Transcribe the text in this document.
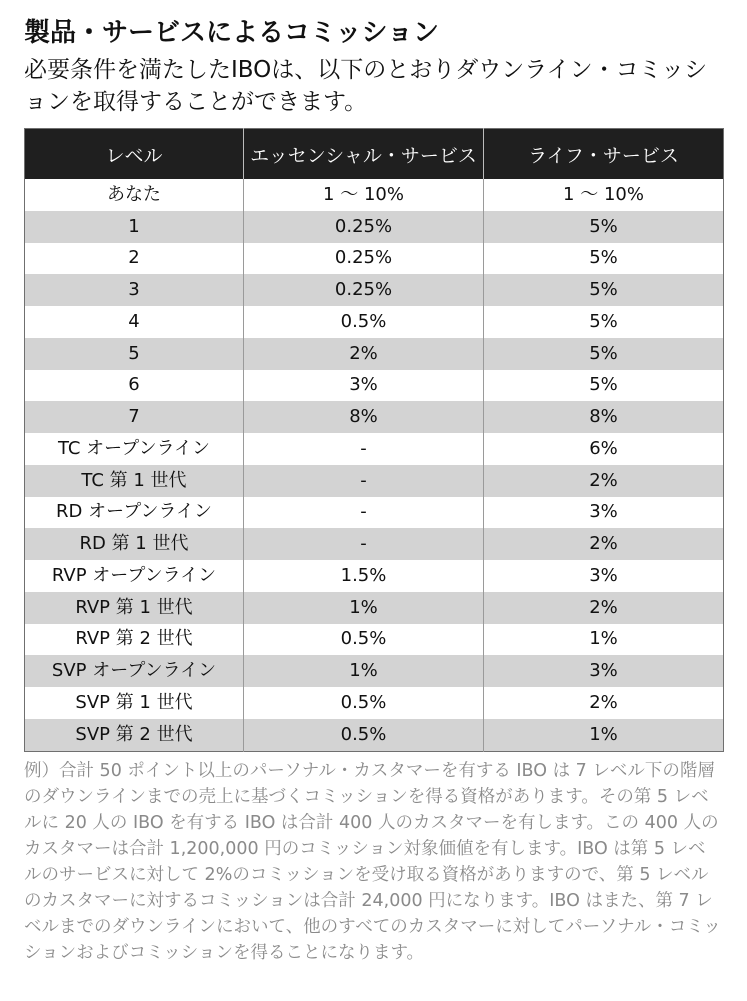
製品・サービスによるコミッション

必要条件を満たしたIBOは、以下のとおりダウンライン・コミッションを取得することができます。

レベル	エッセンシャル・サービス	ライフ・サービス
あなた	1 〜 10%	1 〜 10%
1	0.25%	5%
2	0.25%	5%
3	0.25%	5%
4	0.5%	5%
5	2%	5%
6	3%	5%
7	8%	8%
TC オープンライン	-	6%
TC 第 1 世代	-	2%
RD オープンライン	-	3%
RD 第 1 世代	-	2%
RVP オープンライン	1.5%	3%
RVP 第 1 世代	1%	2%
RVP 第 2 世代	0.5%	1%
SVP オープンライン	1%	3%
SVP 第 1 世代	0.5%	2%
SVP 第 2 世代	0.5%	1%

例）合計 50 ポイント以上のパーソナル・カスタマーを有する IBO は 7 レベル下の階層のダウンラインまでの売上に基づくコミッションを得る資格があります。その第 5 レベルに 20 人の IBO を有する IBO は合計 400 人のカスタマーを有します。この 400 人のカスタマーは合計 1,200,000 円のコミッション対象価値を有します。IBO は第 5 レベルのサービスに対して 2%のコミッションを受け取る資格がありますので、第 5 レベルのカスタマーに対するコミッションは合計 24,000 円になります。IBO はまた、第 7 レベルまでのダウンラインにおいて、他のすべてのカスタマーに対してパーソナル・コミッションおよびコミッションを得ることになります。
